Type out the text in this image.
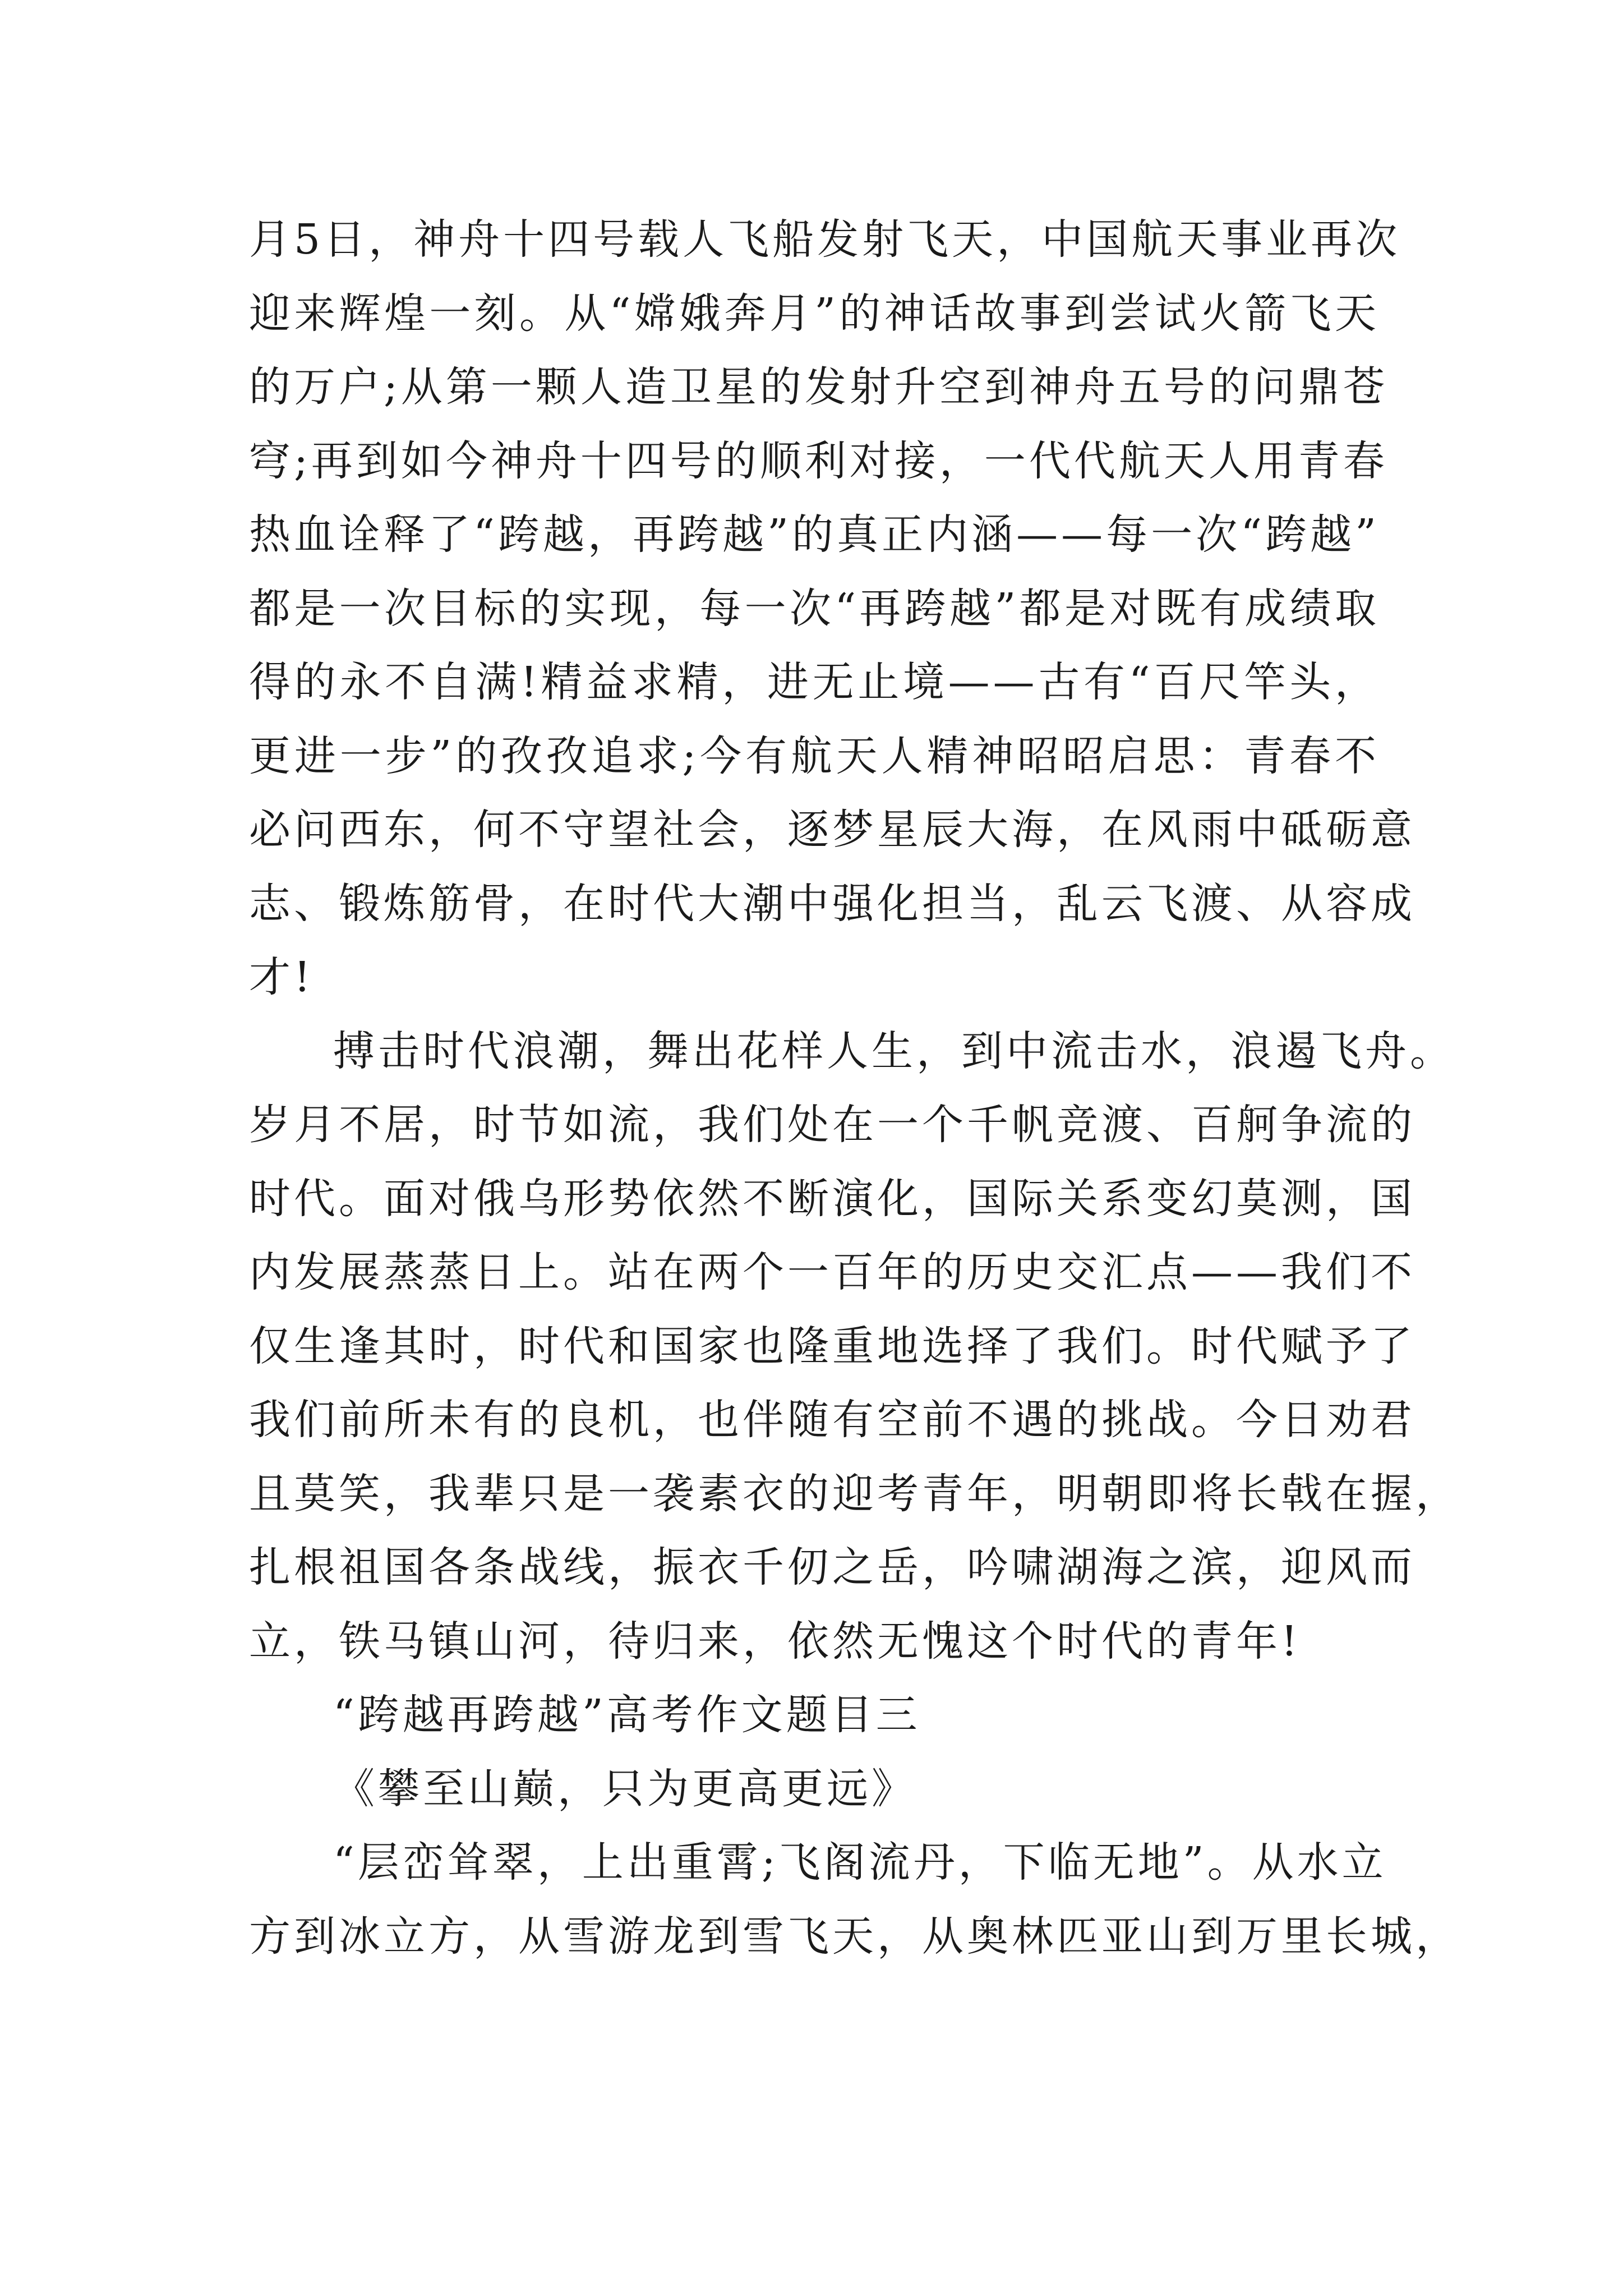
月5日，神舟十四号载人飞船发射飞天，中国航天事业再次
迎来辉煌一刻。从“嫦娥奔月”的神话故事到尝试火箭飞天
的万户;从第一颗人造卫星的发射升空到神舟五号的问鼎苍
穹;再到如今神舟十四号的顺利对接，一代代航天人用青春
热血诠释了“跨越，再跨越”的真正内涵——每一次“跨越”
都是一次目标的实现，每一次“再跨越”都是对既有成绩取
得的永不自满!精益求精，进无止境——古有“百尺竿头，
更进一步”的孜孜追求;今有航天人精神昭昭启思：青春不
必问西东，何不守望社会，逐梦星辰大海，在风雨中砥砺意
志、锻炼筋骨，在时代大潮中强化担当，乱云飞渡、从容成
才!
搏击时代浪潮，舞出花样人生，到中流击水，浪遏飞舟。
岁月不居，时节如流，我们处在一个千帆竞渡、百舸争流的
时代。面对俄乌形势依然不断演化，国际关系变幻莫测，国
内发展蒸蒸日上。站在两个一百年的历史交汇点——我们不
仅生逢其时，时代和国家也隆重地选择了我们。时代赋予了
我们前所未有的良机，也伴随有空前不遇的挑战。今日劝君
且莫笑，我辈只是一袭素衣的迎考青年，明朝即将长戟在握，
扎根祖国各条战线，振衣千仞之岳，吟啸湖海之滨，迎风而
立，铁马镇山河，待归来，依然无愧这个时代的青年!
“跨越再跨越”高考作文题目三
《攀至山巅，只为更高更远》
“层峦耸翠，上出重霄;飞阁流丹，下临无地”。从水立
方到冰立方，从雪游龙到雪飞天，从奥林匹亚山到万里长城，
